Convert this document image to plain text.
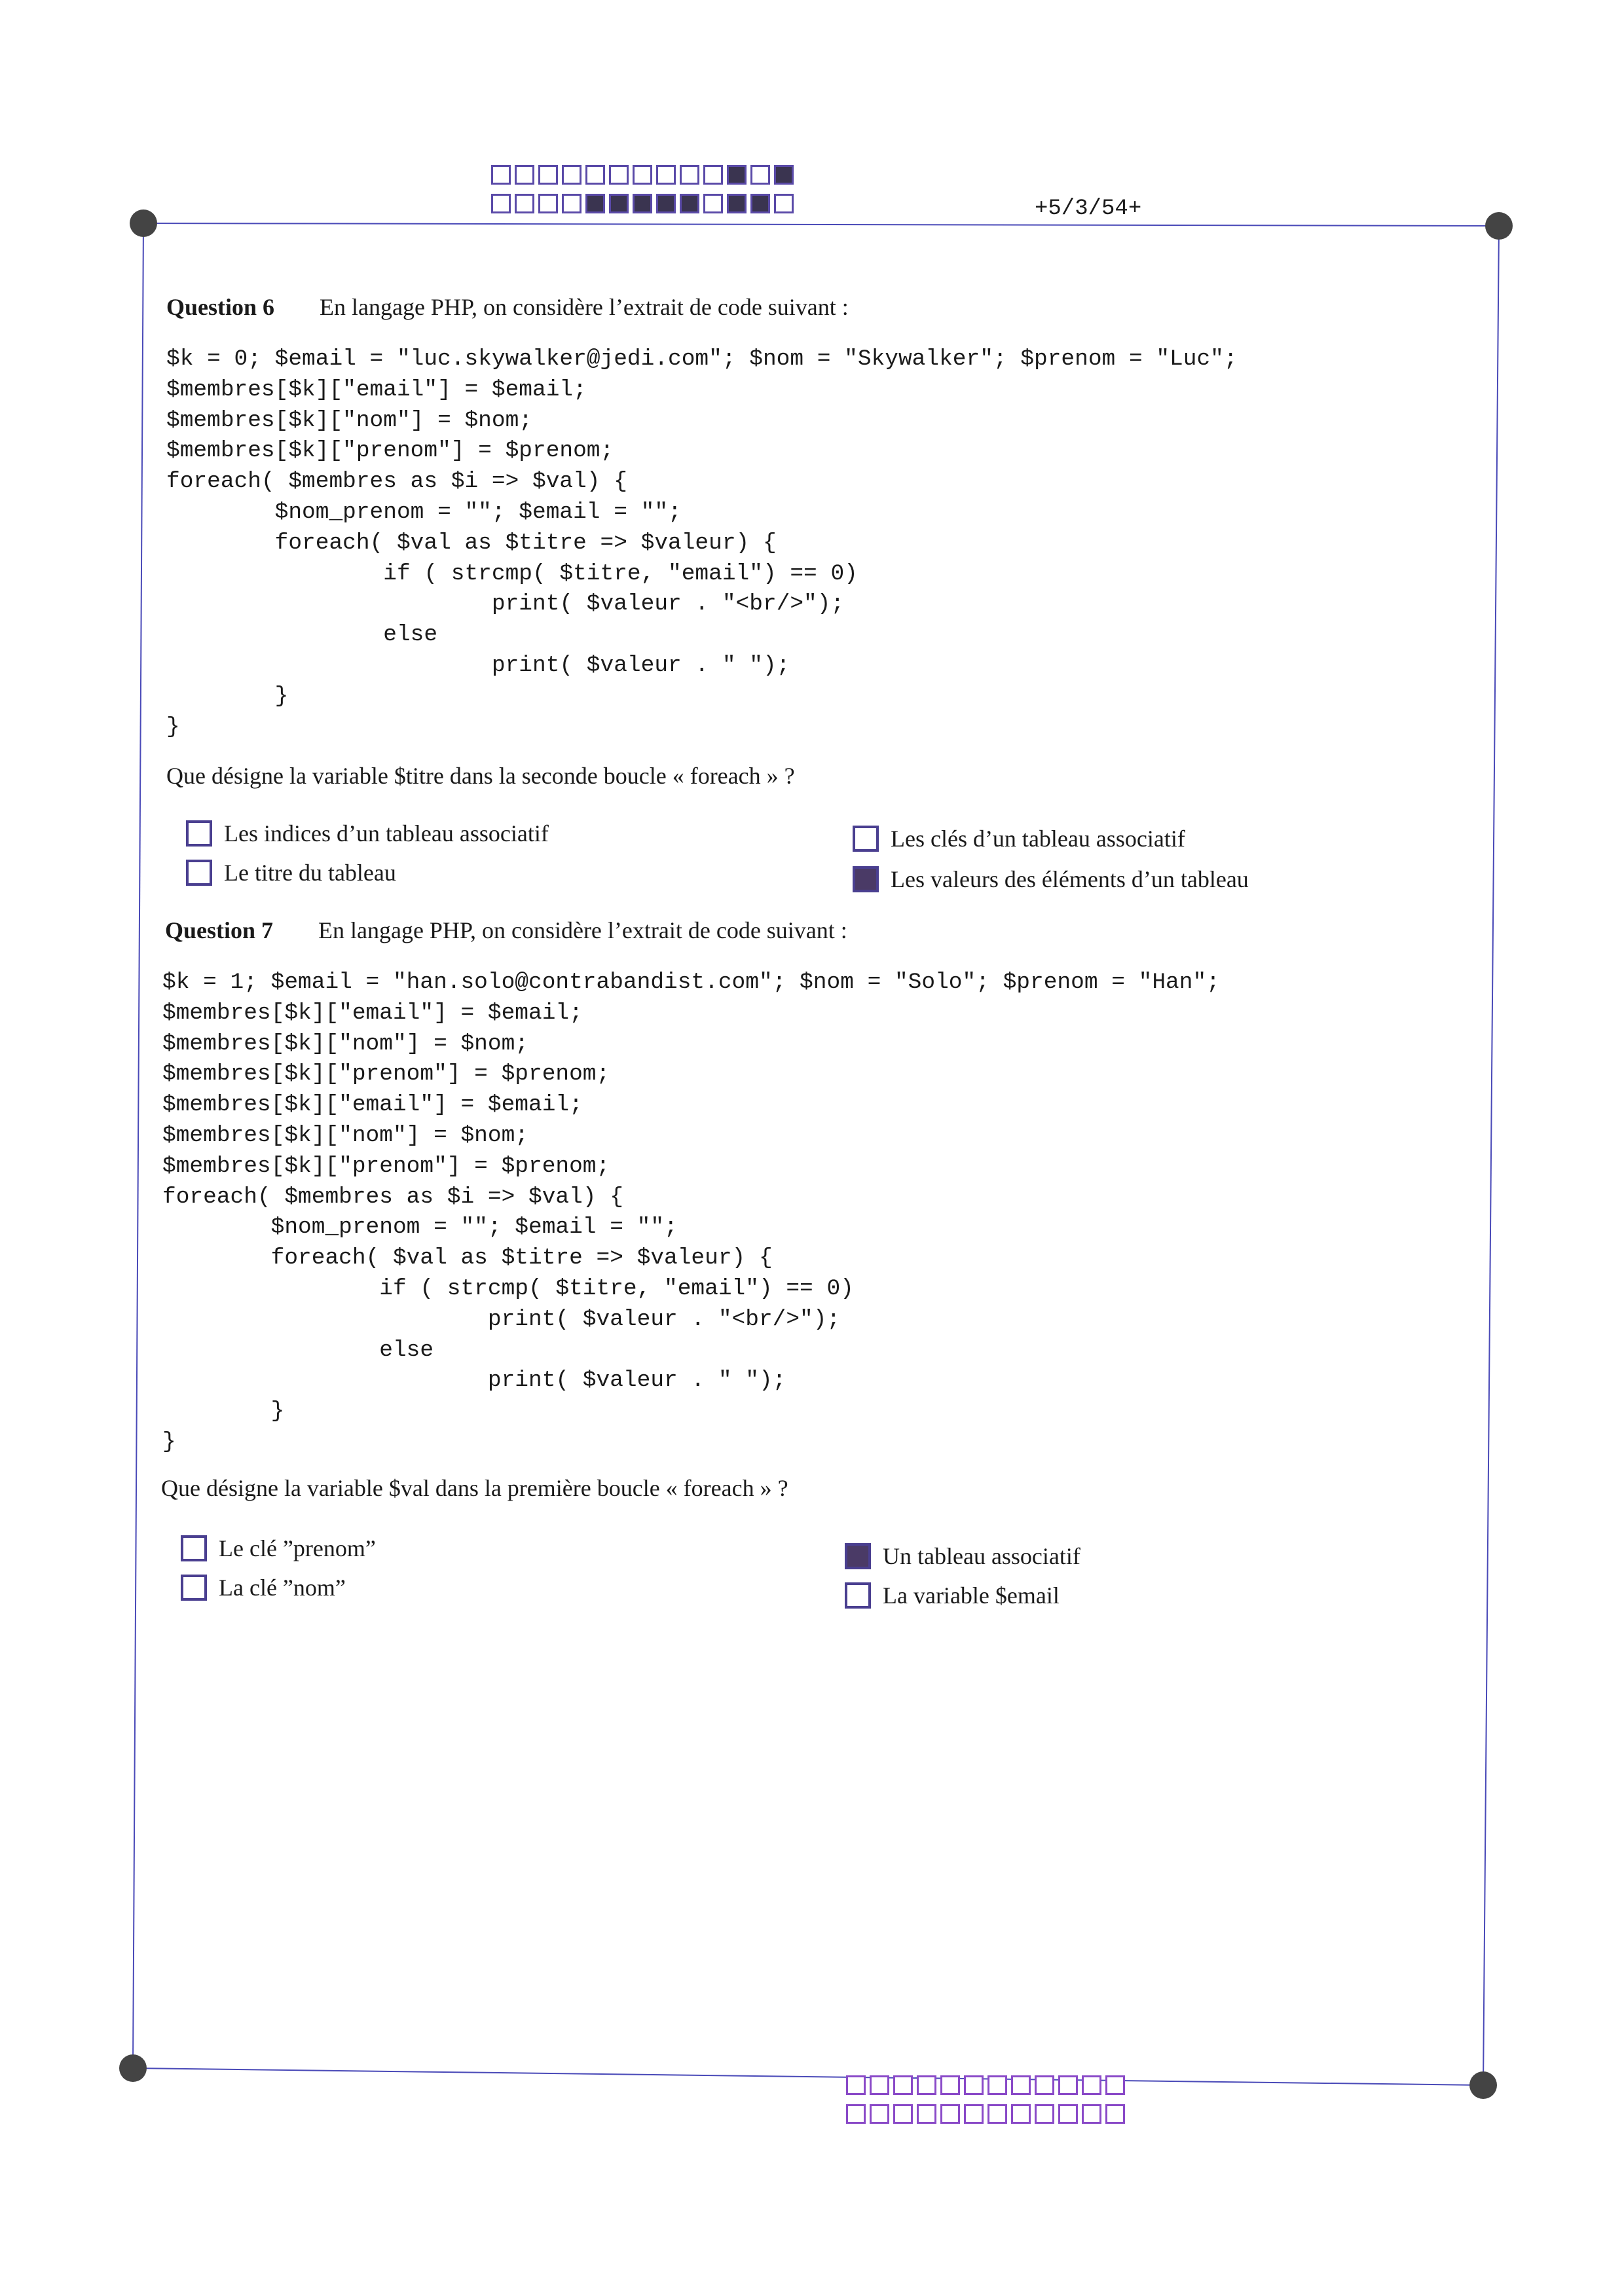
+5/3/54+
Question 6 En langage PHP, on considère l’extrait de code suivant :
$k = 0; $email = "luc.skywalker@jedi.com"; $nom = "Skywalker"; $prenom = "Luc";
$membres[$k]["email"] = $email;
$membres[$k]["nom"] = $nom;
$membres[$k]["prenom"] = $prenom;
foreach( $membres as $i => $val) {
$nom_prenom = ""; $email = "";
foreach( $val as $titre => $valeur) {
if ( strcmp( $titre, "email") == 0)
print( $valeur . "<br/>");
else
print( $valeur . " ");
}
}
Que désigne la variable $titre dans la seconde boucle « foreach » ?
Les indices d’un tableau associatif
Le titre du tableau
Les clés d’un tableau associatif
Les valeurs des éléments d’un tableau
Question 7 En langage PHP, on considère l’extrait de code suivant :
$k = 1; $email = "han.solo@contrabandist.com"; $nom = "Solo"; $prenom = "Han";
$membres[$k]["email"] = $email;
$membres[$k]["nom"] = $nom;
$membres[$k]["prenom"] = $prenom;
$membres[$k]["email"] = $email;
$membres[$k]["nom"] = $nom;
$membres[$k]["prenom"] = $prenom;
foreach( $membres as $i => $val) {
$nom_prenom = ""; $email = "";
foreach( $val as $titre => $valeur) {
if ( strcmp( $titre, "email") == 0)
print( $valeur . "<br/>");
else
print( $valeur . " ");
}
}
Que désigne la variable $val dans la première boucle « foreach » ?
Le clé ”prenom”
La clé ”nom”
Un tableau associatif
La variable $email
